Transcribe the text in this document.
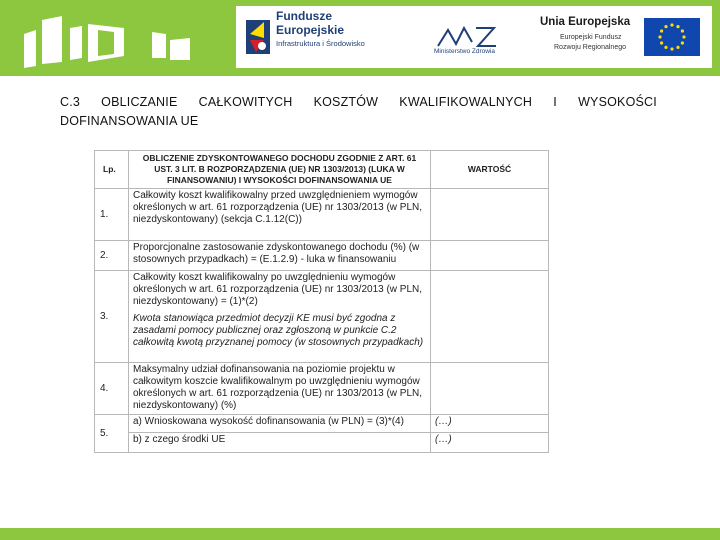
Fundusze
Europejskie
Infrastruktura i Środowisko
Ministerstwo Zdrowia
Unia Europejska
Europejski Fundusz
Rozwoju Regionalnego
C.3 OBLICZANIE CAŁKOWITYCH KOSZTÓW KWALIFIKOWALNYCH I WYSOKOŚCI
DOFINANSOWANIA UE
Lp.	OBLICZENIE ZDYSKONTOWANEGO DOCHODU ZGODNIE Z ART. 61 UST. 3 LIT. B ROZPORZĄDZENIA (UE) NR 1303/2013) (LUKA W FINANSOWANIU) I WYSOKOŚCI DOFINANSOWANIA UE	WARTOŚĆ
1.	Całkowity koszt kwalifikowalny przed uwzględnieniem wymogów określonych w art. 61 rozporządzenia (UE) nr 1303/2013 (w PLN, niezdyskontowany) (sekcja C.1.12(C))	
2.	Proporcjonalne zastosowanie zdyskontowanego dochodu (%) (w stosownych przypadkach) = (E.1.2.9) - luka w finansowaniu	
3.	Całkowity koszt kwalifikowalny po uwzględnieniu wymogów określonych w art. 61 rozporządzenia (UE) nr 1303/2013 (w PLN, niezdyskontowany) = (1)*(2)
Kwota stanowiąca przedmiot decyzji KE musi być zgodna z zasadami pomocy publicznej oraz zgłoszoną w punkcie C.2 całkowitą kwotą przyznanej pomocy (w stosownych przypadkach)	

4.	Maksymalny udział dofinansowania na poziomie projektu w całkowitym koszcie kwalifikowalnym po uwzględnieniu wymogów określonych w art. 61 rozporządzenia (UE) nr 1303/2013 (w PLN, niezdyskontowany) (%)	
5.	a) Wnioskowana wysokość dofinansowania (w PLN) = (3)*(4)	(…)
	b) z czego środki UE	(…)
